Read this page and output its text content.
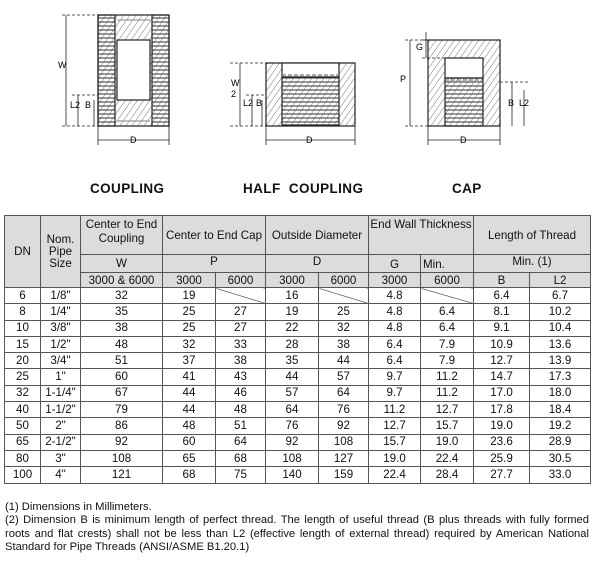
W
L2 B
D
W
2
L2 B
D
G
P
B L2
D
COUPLING	HALF  COUPLING	CAP
DN	Nom. Pipe Size	Center to End Coupling	Center to End Cap		Outside Diameter		End Wall Thickness		Length of Thread	
		W	P		D		G	Min.	Min. (1)	
		3000 & 6000	3000	6000	3000	6000	3000	6000	B	L2
6	1/8"	32	19		16		4.8		6.4	6.7
8	1/4"	35	25	27	19	25	4.8	6.4	8.1	10.2
10	3/8"	38	25	27	22	32	4.8	6.4	9.1	10.4
15	1/2"	48	32	33	28	38	6.4	7.9	10.9	13.6
20	3/4"	51	37	38	35	44	6.4	7.9	12.7	13.9
25	1"	60	41	43	44	57	9.7	11.2	14.7	17.3
32	1-1/4"	67	44	46	57	64	9.7	11.2	17.0	18.0
40	1-1/2"	79	44	48	64	76	11.2	12.7	17.8	18.4
50	2"	86	48	51	76	92	12.7	15.7	19.0	19.2
65	2-1/2"	92	60	64	92	108	15.7	19.0	23.6	28.9
80	3"	108	65	68	108	127	19.0	22.4	25.9	30.5
100	4"	121	68	75	140	159	22.4	28.4	27.7	33.0

(1) Dimensions in Millimeters.

(2) Dimension B is minimum length of perfect thread. The length of useful thread (B plus threads with fully formed roots and flat crests) shall not be less than L2 (effective length of external thread) required by American National Standard for Pipe Threads (ANSI/ASME B1.20.1)
